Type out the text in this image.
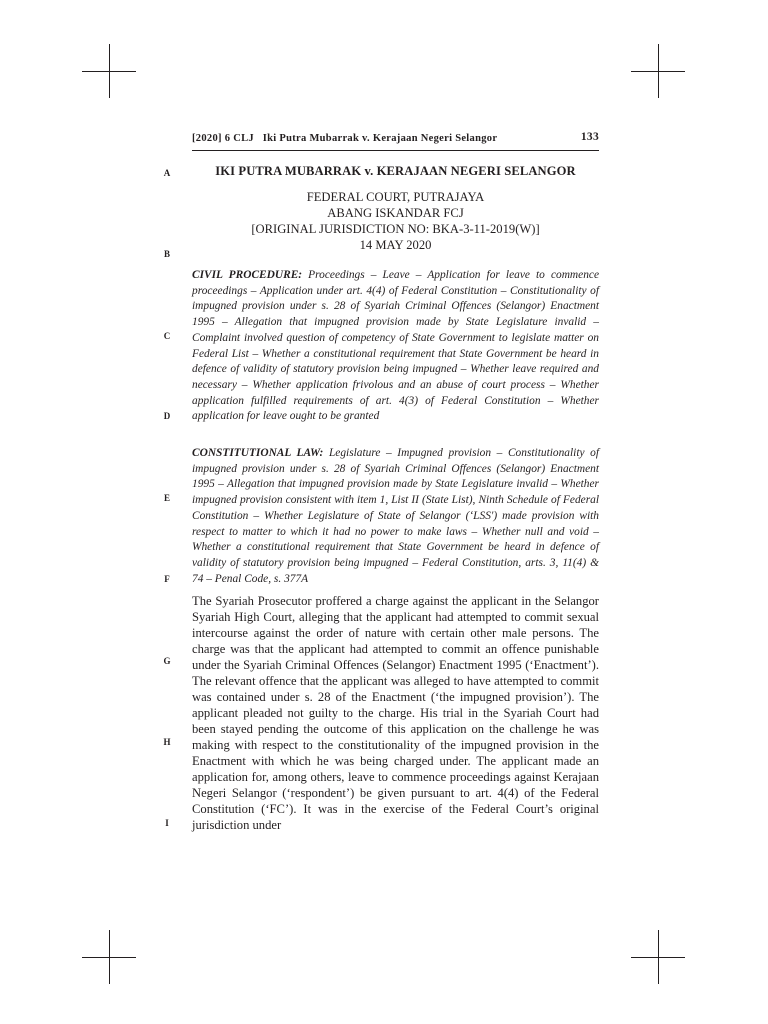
[2020] 6 CLJ   Iki Putra Mubarrak v. Kerajaan Negeri Selangor	133
A
B
C
D
E
F
G
H
I
IKI PUTRA MUBARRAK v. KERAJAAN NEGERI SELANGOR
FEDERAL COURT, PUTRAJAYA
ABANG ISKANDAR FCJ
[ORIGINAL JURISDICTION NO: BKA-3-11-2019(W)]
14 MAY 2020
CIVIL PROCEDURE: Proceedings – Leave – Application for leave to commence proceedings – Application under art. 4(4) of Federal Constitution – Constitutionality of impugned provision under s. 28 of Syariah Criminal Offences (Selangor) Enactment 1995 – Allegation that impugned provision made by State Legislature invalid – Complaint involved question of competency of State Government to legislate matter on Federal List – Whether a constitutional requirement that State Government be heard in defence of validity of statutory provision being impugned – Whether leave required and necessary – Whether application frivolous and an abuse of court process – Whether application fulfilled requirements of art. 4(3) of Federal Constitution – Whether application for leave ought to be granted
CONSTITUTIONAL LAW: Legislature – Impugned provision – Constitutionality of impugned provision under s. 28 of Syariah Criminal Offences (Selangor) Enactment 1995 – Allegation that impugned provision made by State Legislature invalid – Whether impugned provision consistent with item 1, List II (State List), Ninth Schedule of Federal Constitution – Whether Legislature of State of Selangor (‘LSS') made provision with respect to matter to which it had no power to make laws – Whether null and void – Whether a constitutional requirement that State Government be heard in defence of validity of statutory provision being impugned – Federal Constitution, arts. 3, 11(4) & 74 – Penal Code, s. 377A
The Syariah Prosecutor proffered a charge against the applicant in the Selangor Syariah High Court, alleging that the applicant had attempted to commit sexual intercourse against the order of nature with certain other male persons. The charge was that the applicant had attempted to commit an offence punishable under the Syariah Criminal Offences (Selangor) Enactment 1995 (‘Enactment’). The relevant offence that the applicant was alleged to have attempted to commit was contained under s. 28 of the Enactment (‘the impugned provision’). The applicant pleaded not guilty to the charge. His trial in the Syariah Court had been stayed pending the outcome of this application on the challenge he was making with respect to the constitutionality of the impugned provision in the Enactment with which he was being charged under. The applicant made an application for, among others, leave to commence proceedings against Kerajaan Negeri Selangor (‘respondent’) be given pursuant to art. 4(4) of the Federal Constitution (‘FC’). It was in the exercise of the Federal Court’s original jurisdiction under
